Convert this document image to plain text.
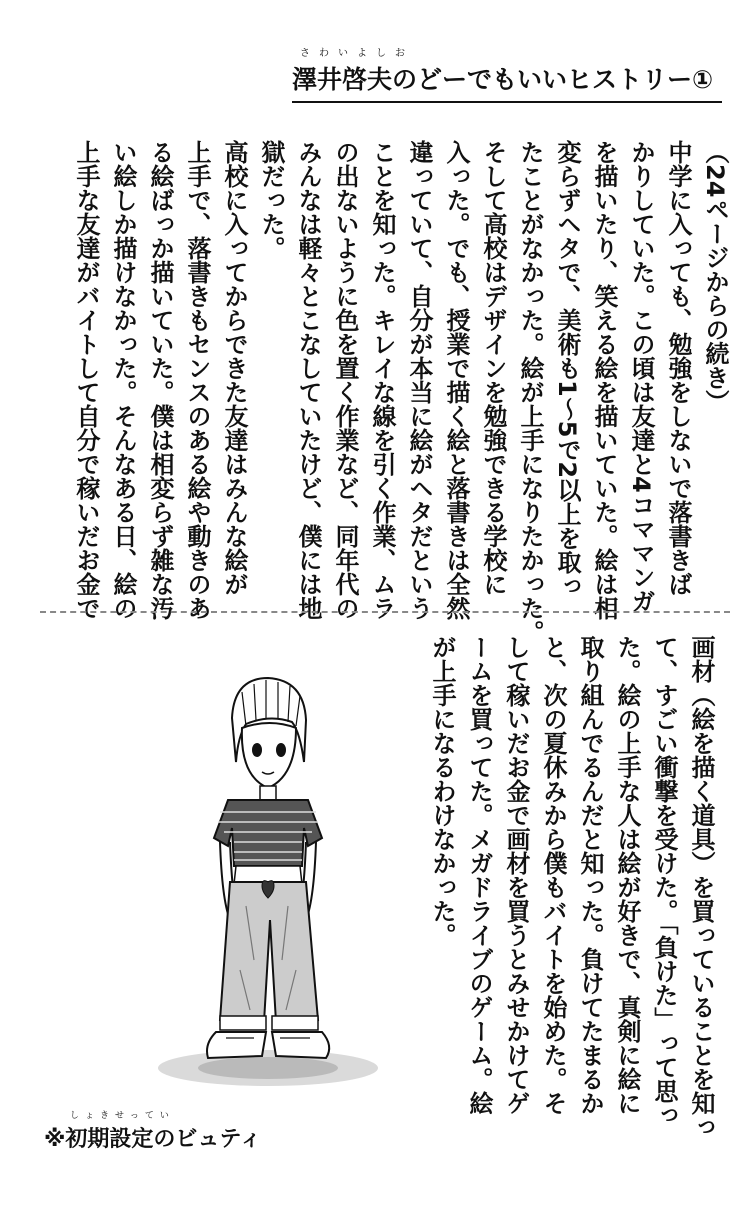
さわいよしお
澤井啓夫のどーでもいいヒストリー①
（24ページからの続き）
中学に入っても、勉強をしないで落書きば
かりしていた。この頃は友達と4コママンガ
を描いたり、笑える絵を描いていた。絵は相
変らずヘタで、美術も1～5で2以上を取っ
たことがなかった。絵が上手になりたかった。
そして高校はデザインを勉強できる学校に
入った。でも、授業で描く絵と落書きは全然
違っていて、自分が本当に絵がヘタだという
ことを知った。キレイな線を引く作業、ムラ
の出ないように色を置く作業など、同年代の
みんなは軽々とこなしていたけど、僕には地
獄だった。
高校に入ってからできた友達はみんな絵が
上手で、落書きもセンスのある絵や動きのあ
る絵ばっか描いていた。僕は相変らず雑な汚
い絵しか描けなかった。そんなある日、絵の
上手な友達がバイトして自分で稼いだお金で
画材（絵を描く道具）を買っていることを知っ
て、すごい衝撃を受けた。「負けた」って思っ
た。絵の上手な人は絵が好きで、真剣に絵に
取り組んでるんだと知った。負けてたまるか
と、次の夏休みから僕もバイトを始めた。そ
して稼いだお金で画材を買うとみせかけてゲ
ームを買ってた。メガドライブのゲーム。絵
が上手になるわけなかった。
しょきせってい
※初期設定のビュティ
